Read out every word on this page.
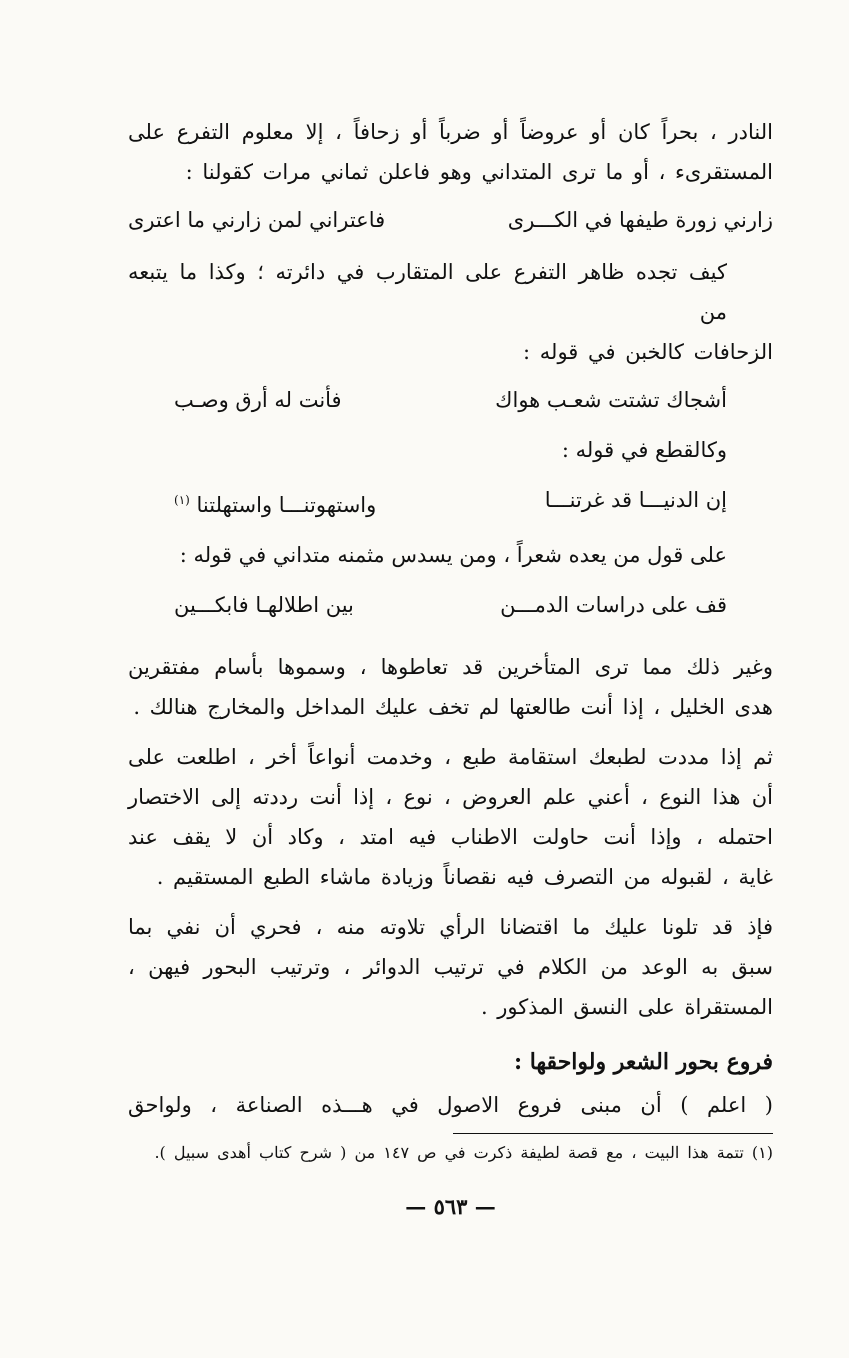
النادر ، بحراً كان أو عروضاً أو ضرباً أو زحافاً ، إلا معلوم التفرع على

المستقرىء ، أو ما ترى المتداني وهو فاعلن ثماني مرات كقولنا :

زارني زورة طيفها في الكـــرى
فاعتراني لمن زارني ما اعترى

كيف تجده ظاهر التفرع على المتقارب في دائرته ؛ وكذا ما يتبعه من

الزحافات كالخبن في قوله :

أشجاك تشتت شعـب هواك
فأنت له أرق وصـب
وكالقطع في قوله :
إن الدنيـــا قد غرتنـــا
واستهوتنـــا واستهلتنا $^{(١)}$
على قول من يعده شعراً ، ومن يسدس مثمنه متداني في قوله :
قف على دراسات الدمـــن
بين اطلالهـا فابكـــين

وغير ذلك مما ترى المتأخرين قد تعاطوها ، وسموها بأسام مفتقرين

هدى الخليل ، إذا أنت طالعتها لم تخف عليك المداخل والمخارج هنالك .

ثم إذا مددت لطبعك استقامة طبع ، وخدمت أنواعاً أخر ، اطلعت على

أن هذا النوع ، أعني علم العروض ، نوع ، إذا أنت رددته إلى الاختصار

احتمله ، وإذا أنت حاولت الاطناب فيه امتد ، وكاد أن لا يقف عند

غاية ، لقبوله من التصرف فيه نقصاناً وزيادة ماشاء الطبع المستقيم .

فإذ قد تلونا عليك ما اقتضانا الرأي تلاوته منه ، فحري أن نفي بما

سبق به الوعد من الكلام في ترتيب الدوائر ، وترتيب البحور فيهن ،

المستقراة على النسق المذكور .

فروع بحور الشعر ولواحقها :

( اعلم ) أن مبنى فروع الاصول في هـــذه الصناعة ، ولواحق

(١) تتمة هذا البيت ، مع قصة لطيفة ذكرت في ص ١٤٧ من ( شرح كتاب أهدى سبيل ).

— ٥٦٣ —
